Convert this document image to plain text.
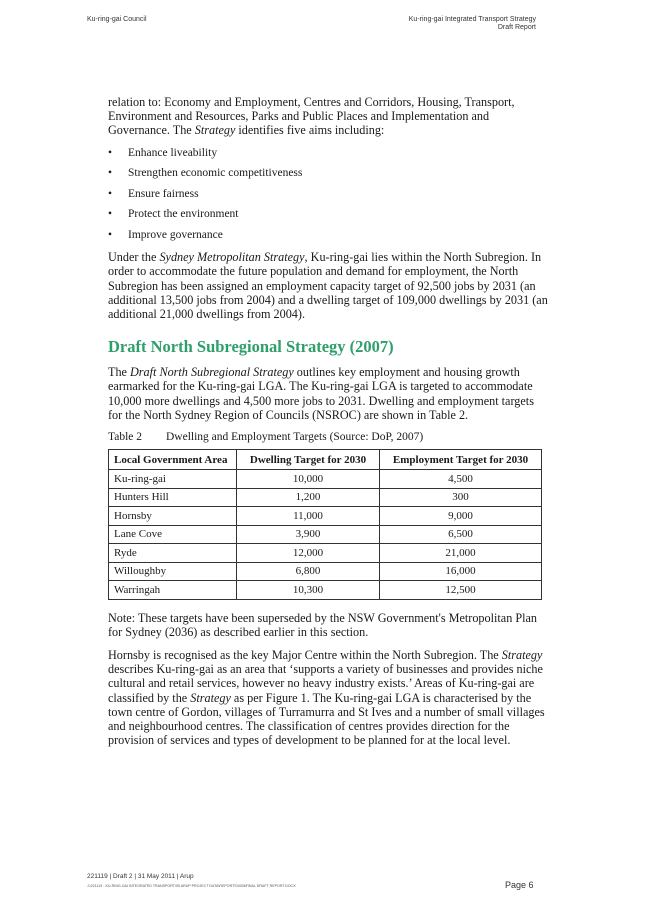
Ku-ring-gai Council	Ku-ring-gai Integrated Transport Strategy
Draft Report

relation to: Economy and Employment, Centres and Corridors, Housing, Transport, Environment and Resources, Parks and Public Places and Implementation and Governance. The Strategy identifies five aims including:

• Enhance liveability
• Strengthen economic competitiveness
• Ensure fairness
• Protect the environment
• Improve governance

Under the Sydney Metropolitan Strategy, Ku-ring-gai lies within the North Subregion. In order to accommodate the future population and demand for employment, the North Subregion has been assigned an employment capacity target of 92,500 jobs by 2031 (an additional 13,500 jobs from 2004) and a dwelling target of 109,000 dwellings by 2031 (an additional 21,000 dwellings from 2004).

Draft North Subregional Strategy (2007)

The Draft North Subregional Strategy outlines key employment and housing growth earmarked for the Ku-ring-gai LGA. The Ku-ring-gai LGA is targeted to accommodate 10,000 more dwellings and 4,500 more jobs to 2031. Dwelling and employment targets for the North Sydney Region of Councils (NSROC) are shown in Table 2.

Table 2 Dwelling and Employment Targets (Source: DoP, 2007)
Local Government Area	Dwelling Target for 2030	Employment Target for 2030
Ku-ring-gai	10,000	4,500
Hunters Hill	1,200	300
Hornsby	11,000	9,000
Lane Cove	3,900	6,500
Ryde	12,000	21,000
Willoughby	6,800	16,000
Warringah	10,300	12,500

Note: These targets have been superseded by the NSW Government's Metropolitan Plan for Sydney (2036) as described earlier in this section.

Hornsby is recognised as the key Major Centre within the North Subregion. The Strategy describes Ku-ring-gai as an area that ‘supports a variety of businesses and provides niche cultural and retail services, however no heavy industry exists.’ Areas of Ku-ring-gai are classified by the Strategy as per Figure 1. The Ku-ring-gai LGA is characterised by the town centre of Gordon, villages of Turramurra and St Ives and a number of small villages and neighbourhood centres. The classification of centres provides direction for the provision of services and types of development to be planned for at the local level.

221119 | Draft 2 | 31 May 2011 | Arup
J:\221119 - KU-RING-GAI INTEGRATED TRANSPORT\05 ARUP PROJECT DATA\REPORTS\0006FINAL DRAFT REPORT.DOCX	Page 6
